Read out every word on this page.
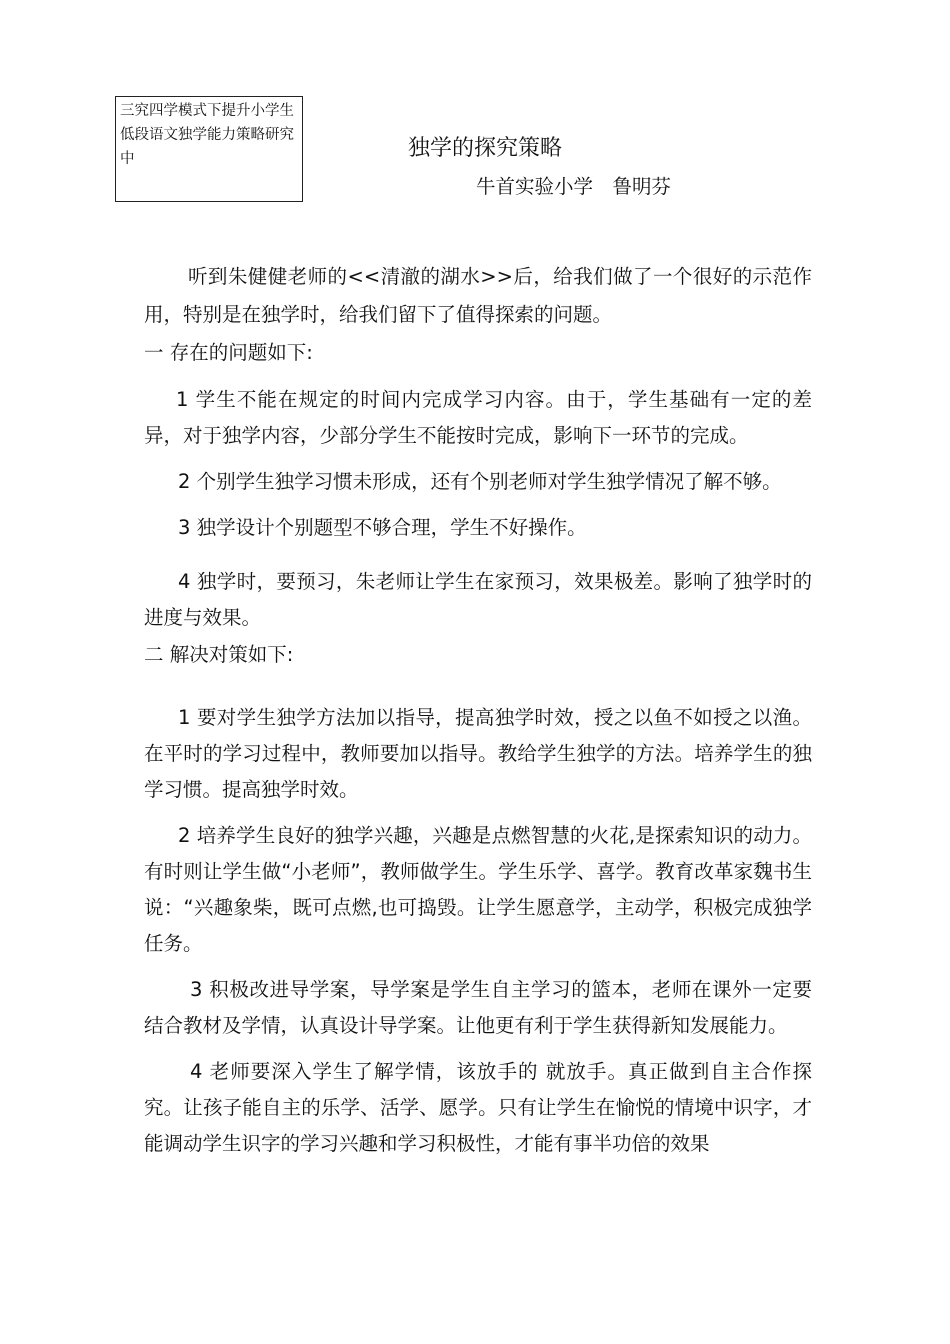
三究四学模式下提升小学生低段语文独学能力策略研究中	独学的探究策略
牛首实验小学　鲁明芬

听到朱健健老师的<<清澈的湖水>>后，给我们做了一个很好的示范作用，特别是在独学时，给我们留下了值得探索的问题。

一 存在的问题如下:

1 学生不能在规定的时间内完成学习内容。由于，学生基础有一定的差异，对于独学内容，少部分学生不能按时完成，影响下一环节的完成。

2 个别学生独学习惯未形成，还有个别老师对学生独学情况了解不够。

3 独学设计个别题型不够合理，学生不好操作。

4 独学时，要预习，朱老师让学生在家预习，效果极差。影响了独学时的进度与效果。

二 解决对策如下:

1 要对学生独学方法加以指导，提高独学时效，授之以鱼不如授之以渔。在平时的学习过程中，教师要加以指导。教给学生独学的方法。培养学生的独学习惯。提高独学时效。

2 培养学生良好的独学兴趣，兴趣是点燃智慧的火花,是探索知识的动力。有时则让学生做“小老师”，教师做学生。学生乐学、喜学。教育改革家魏书生说：“兴趣象柴，既可点燃,也可捣毁。让学生愿意学，主动学，积极完成独学任务。

3 积极改进导学案，导学案是学生自主学习的篮本，老师在课外一定要结合教材及学情，认真设计导学案。让他更有利于学生获得新知发展能力。

4 老师要深入学生了解学情，该放手的 就放手。真正做到自主合作探究。让孩子能自主的乐学、活学、愿学。只有让学生在愉悦的情境中识字，才能调动学生识字的学习兴趣和学习积极性，才能有事半功倍的效果
